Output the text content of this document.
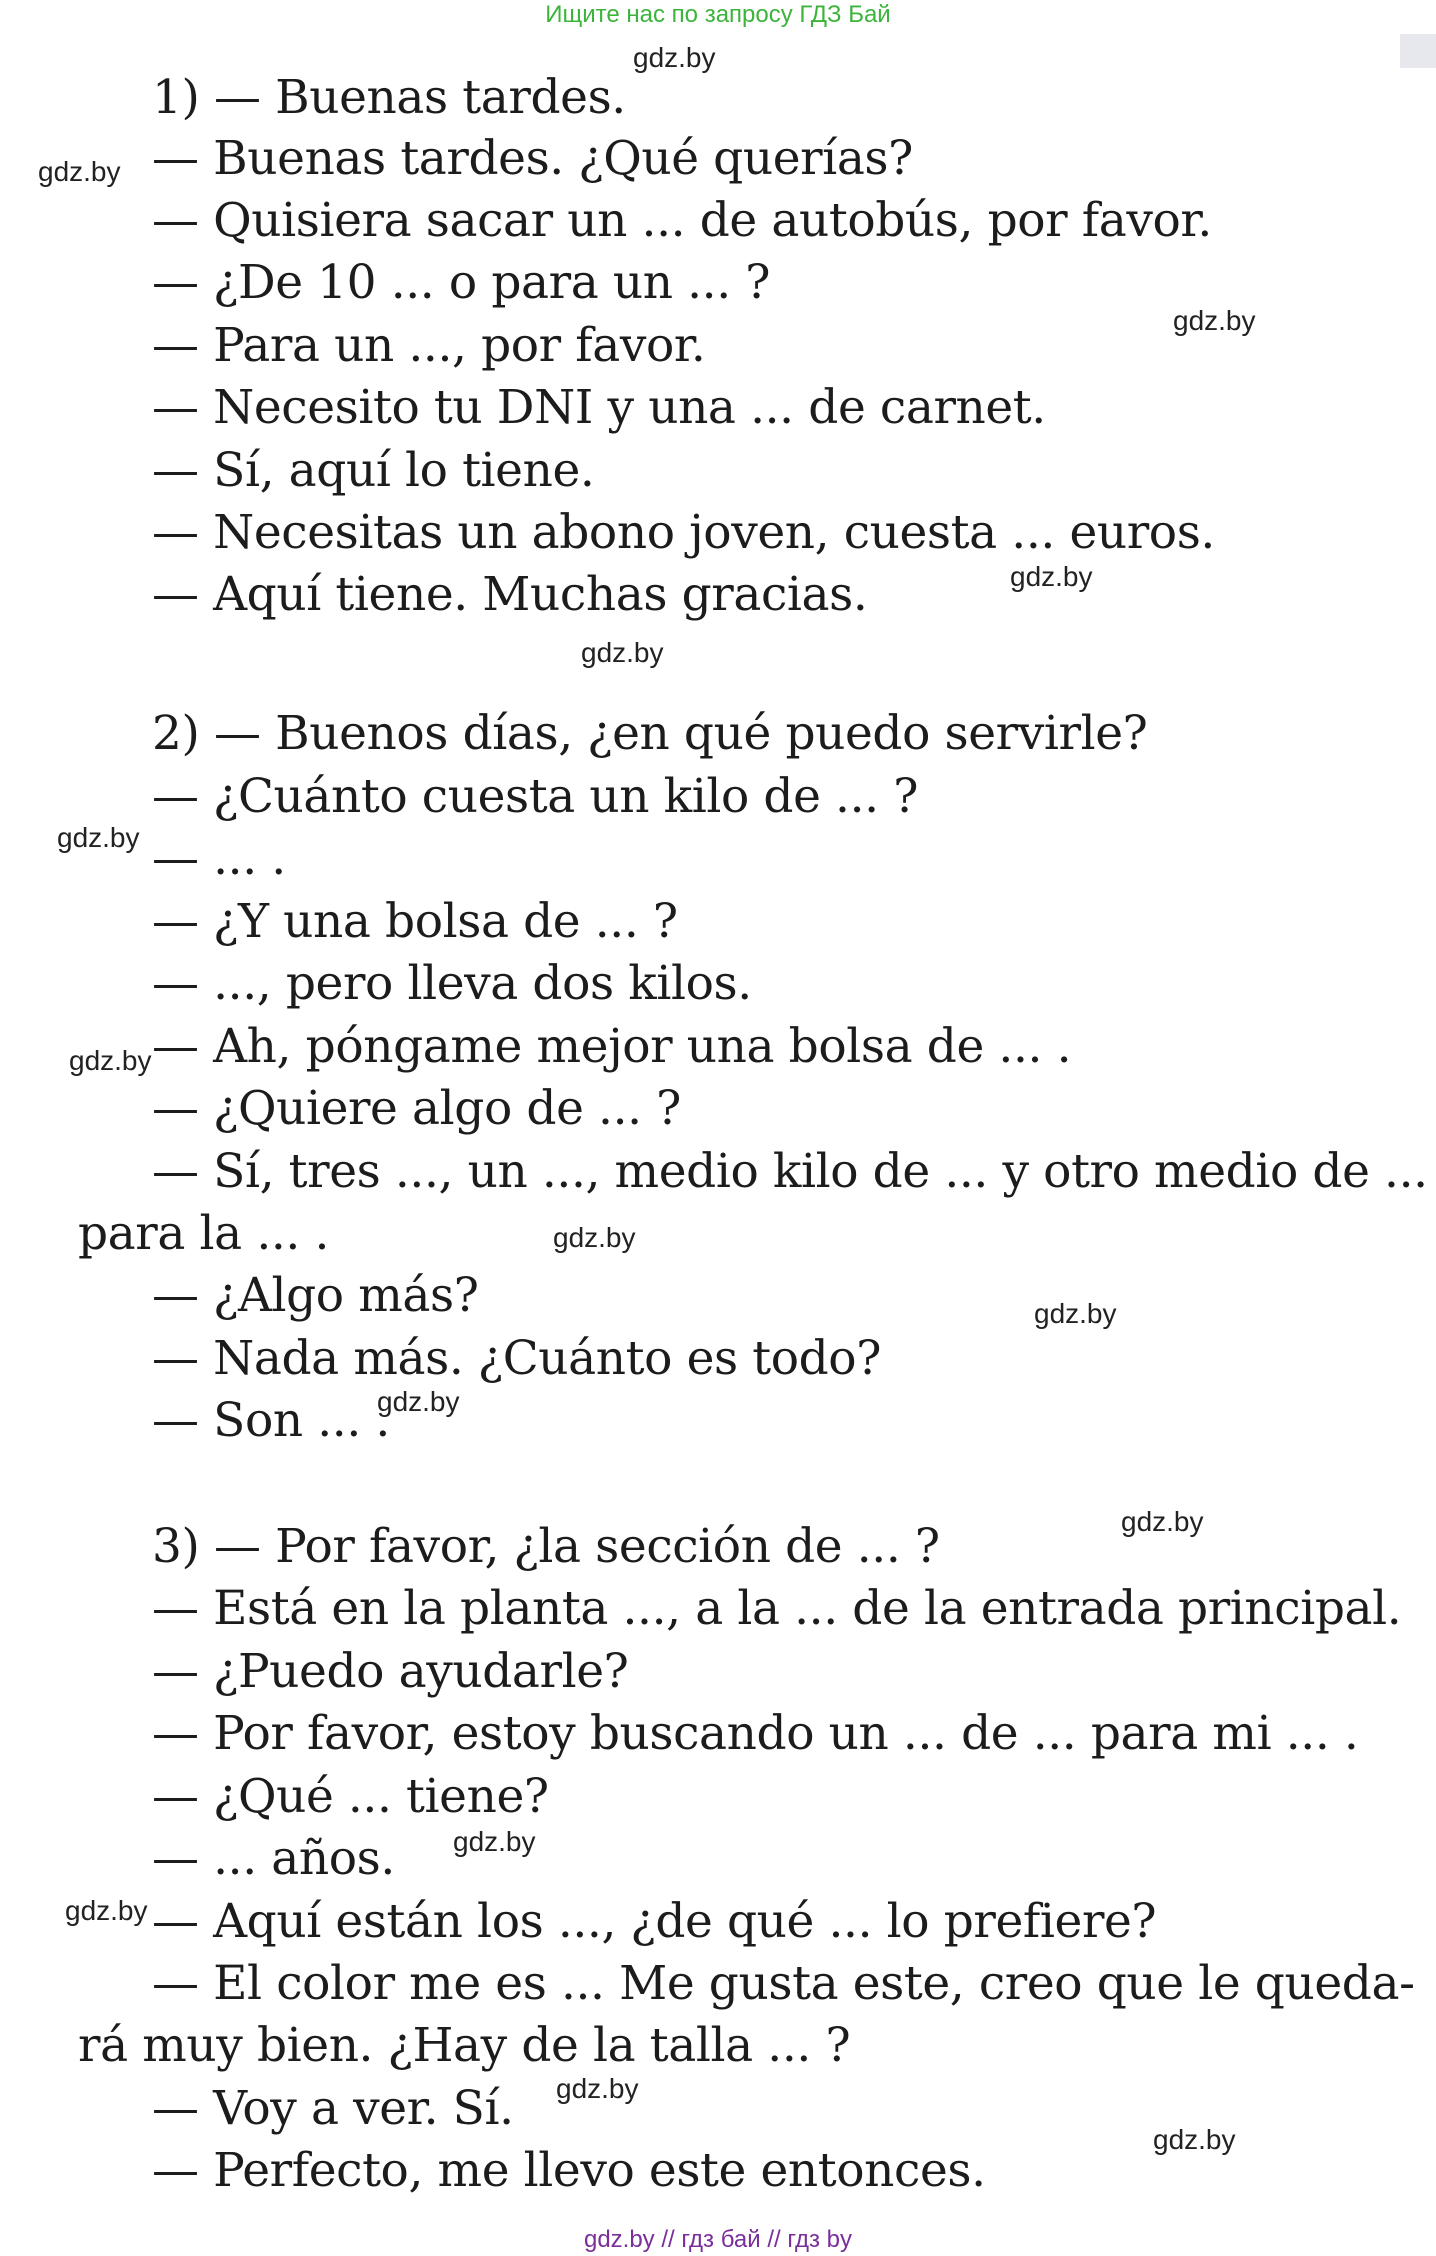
Ищите нас по запросу ГДЗ Бай
1) — Buenas tardes.
— Buenas tardes. ¿Qué querías?
— Quisiera sacar un ... de autobús, por favor.
— ¿De 10 ... o para un ... ?
— Para un ..., por favor.
— Necesito tu DNI y una ... de carnet.
— Sí, aquí lo tiene.
— Necesitas un abono joven, cuesta ... euros.
— Aquí tiene. Muchas gracias.
2) — Buenos días, ¿en qué puedo servirle?
— ¿Cuánto cuesta un kilo de ... ?
— ... .
— ¿Y una bolsa de ... ?
— ..., pero lleva dos kilos.
— Ah, póngame mejor una bolsa de ... .
— ¿Quiere algo de ... ?
— Sí, tres ..., un ..., medio kilo de ... y otro medio de ...
para la ... .
— ¿Algo más?
— Nada más. ¿Cuánto es todo?
— Son ... .
3) — Por favor, ¿la sección de ... ?
— Está en la planta ..., a la ... de la entrada principal.
— ¿Puedo ayudarle?
— Por favor, estoy buscando un ... de ... para mi ... .
— ¿Qué ... tiene?
— ... años.
— Aquí están los ..., ¿de qué ... lo prefiere?
— El color me es ... Me gusta este, creo que le queda-
rá muy bien. ¿Hay de la talla ... ?
— Voy a ver. Sí.
— Perfecto, me llevo este entonces.
gdz.by
gdz.by
gdz.by
gdz.by
gdz.by
gdz.by
gdz.by
gdz.by
gdz.by
gdz.by
gdz.by
gdz.by
gdz.by
gdz.by
gdz.by
gdz.by // гдз бай // гдз by
